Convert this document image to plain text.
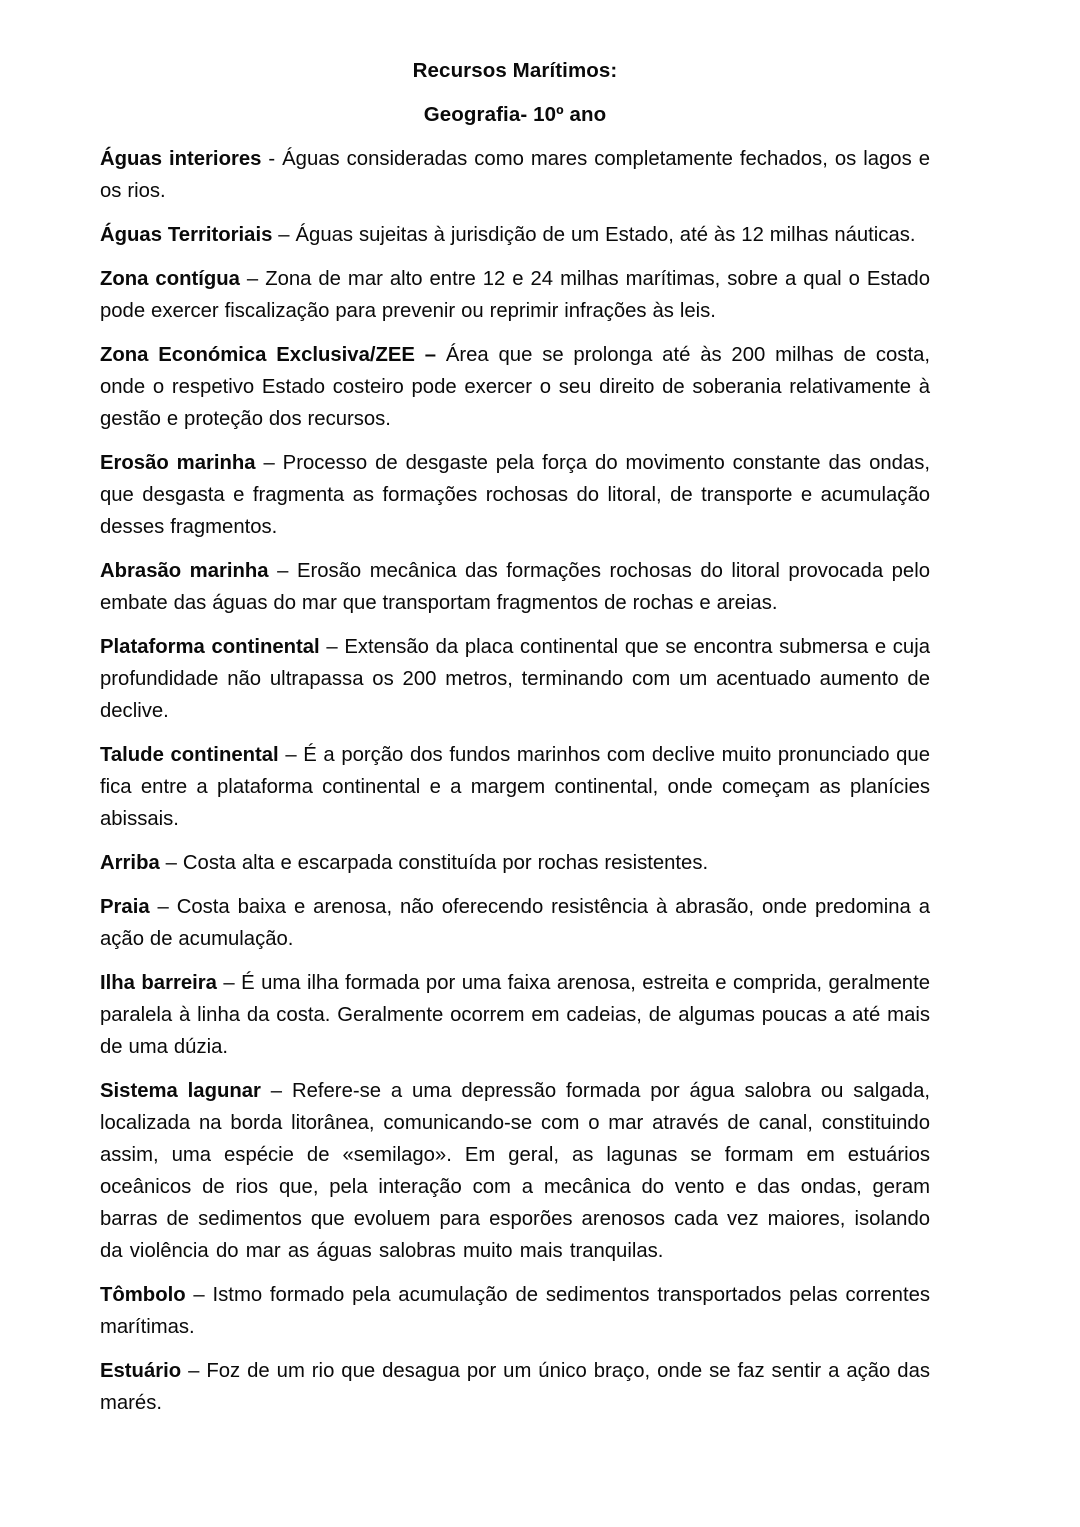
Recursos Marítimos:
Geografia- 10º ano

Águas interiores - Águas consideradas como mares completamente fechados, os lagos e os rios.

Águas Territoriais – Águas sujeitas à jurisdição de um Estado, até às 12 milhas náuticas.

Zona contígua – Zona de mar alto entre 12 e 24 milhas marítimas, sobre a qual o Estado pode exercer fiscalização para prevenir ou reprimir infrações às leis.

Zona Económica Exclusiva/ZEE – Área que se prolonga até às 200 milhas de costa, onde o respetivo Estado costeiro pode exercer o seu direito de soberania relativamente à gestão e proteção dos recursos.

Erosão marinha – Processo de desgaste pela força do movimento constante das ondas, que desgasta e fragmenta as formações rochosas do litoral, de transporte e acumulação desses fragmentos.

Abrasão marinha – Erosão mecânica das formações rochosas do litoral provocada pelo embate das águas do mar que transportam fragmentos de rochas e areias.

Plataforma continental – Extensão da placa continental que se encontra submersa e cuja profundidade não ultrapassa os 200 metros, terminando com um acentuado aumento de declive.

Talude continental – É a porção dos fundos marinhos com declive muito pronunciado que fica entre a plataforma continental e a margem continental, onde começam as planícies abissais.

Arriba – Costa alta e escarpada constituída por rochas resistentes.

Praia – Costa baixa e arenosa, não oferecendo resistência à abrasão, onde predomina a ação de acumulação.

Ilha barreira – É uma ilha formada por uma faixa arenosa, estreita e comprida, geralmente paralela à linha da costa. Geralmente ocorrem em cadeias, de algumas poucas a até mais de uma dúzia.

Sistema lagunar – Refere-se a uma depressão formada por água salobra ou salgada, localizada na borda litorânea, comunicando-se com o mar através de canal, constituindo assim, uma espécie de «semilago». Em geral, as lagunas se formam em estuários oceânicos de rios que, pela interação com a mecânica do vento e das ondas, geram barras de sedimentos que evoluem para esporões arenosos cada vez maiores, isolando da violência do mar as águas salobras muito mais tranquilas.

Tômbolo – Istmo formado pela acumulação de sedimentos transportados pelas correntes marítimas.

Estuário – Foz de um rio que desagua por um único braço, onde se faz sentir a ação das marés.
